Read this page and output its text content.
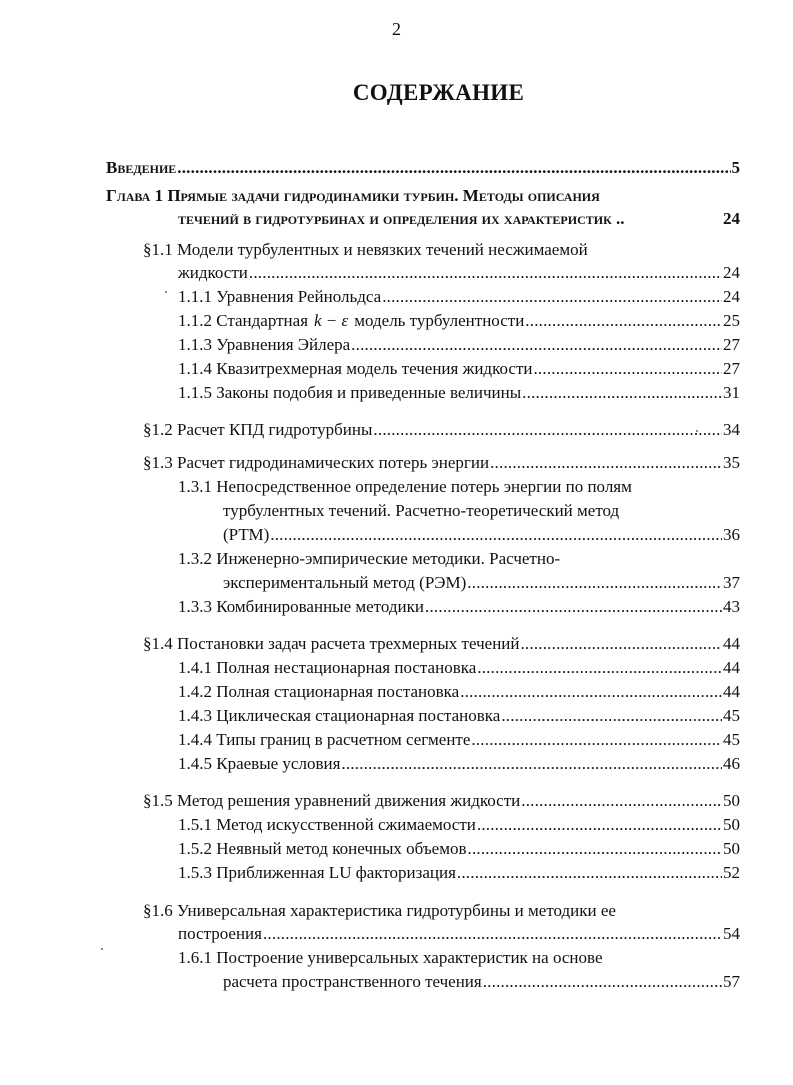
2
СОДЕРЖАНИЕ
Введение .....	5
Глава 1 Прямые задачи гидродинамики турбин. Методы описания
течений в гидротурбинах и определения их характеристик ..	24
§1.1 Модели турбулентных и невязких течений несжимаемой
жидкости .....	24
1.1.1 Уравнения Рейнольдса .....	24
1.1.2 Стандартная k − ε модель турбулентности .....	25
1.1.3 Уравнения Эйлера .....	27
1.1.4 Квазитрехмерная модель течения жидкости .....	27
1.1.5 Законы подобия и приведенные величины .....	31
§1.2 Расчет КПД гидротурбины .....	34
§1.3 Расчет гидродинамических потерь энергии .....	35
1.3.1 Непосредственное определение потерь энергии по полям
турбулентных течений. Расчетно-теоретический метод
(РТМ) .....	36
1.3.2 Инженерно-эмпирические методики. Расчетно-
экспериментальный метод (РЭМ) .....	37
1.3.3 Комбинированные методики .....	43
§1.4 Постановки задач расчета трехмерных течений .....	44
1.4.1 Полная нестационарная постановка .....	44
1.4.2 Полная стационарная постановка .....	44
1.4.3 Циклическая стационарная постановка .....	45
1.4.4 Типы границ в расчетном сегменте .....	45
1.4.5 Краевые условия .....	46
§1.5 Метод решения уравнений движения жидкости .....	50
1.5.1 Метод искусственной сжимаемости .....	50
1.5.2 Неявный метод конечных объемов .....	50
1.5.3 Приближенная LU факторизация .....	52
§1.6 Универсальная характеристика гидротурбины и методики ее
построения .....	54
1.6.1 Построение универсальных характеристик на основе
расчета пространственного течения .....	57
